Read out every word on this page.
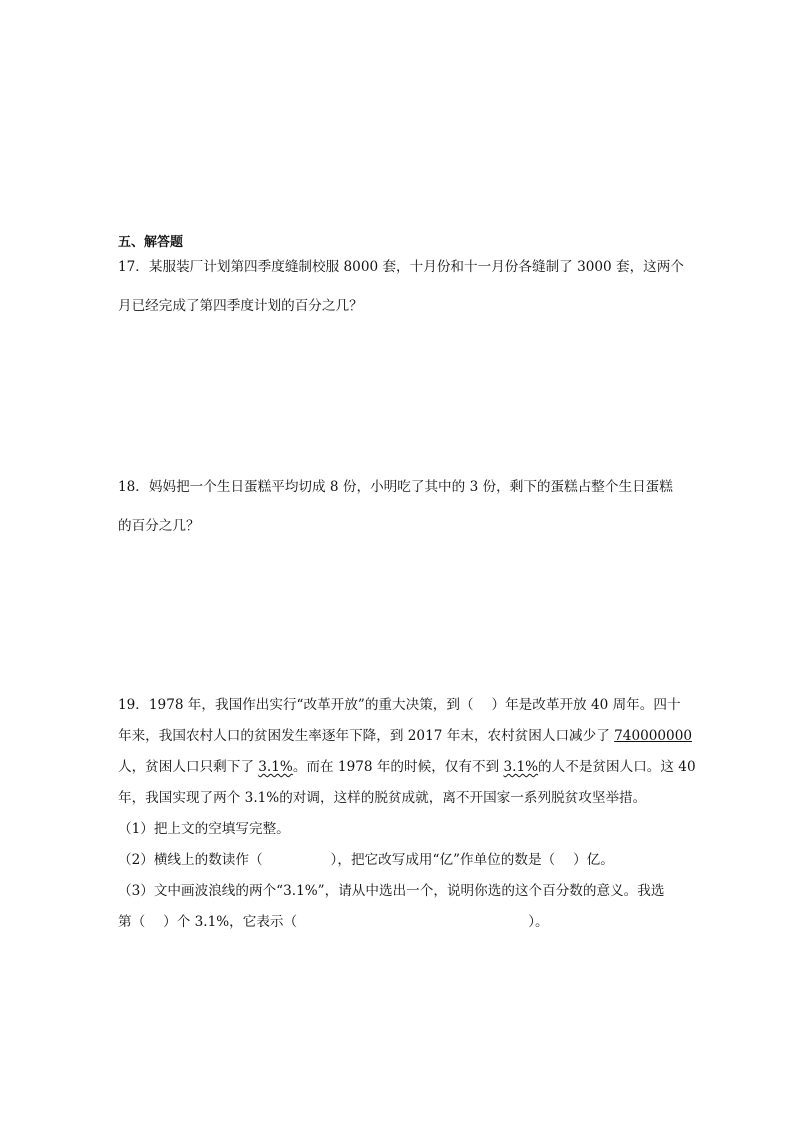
五、解答题
17．某服装厂计划第四季度缝制校服 8000 套，十月份和十一月份各缝制了 3000 套，这两个
月已经完成了第四季度计划的百分之几？
18．妈妈把一个生日蛋糕平均切成 8 份，小明吃了其中的 3 份，剩下的蛋糕占整个生日蛋糕
的百分之几？
19．1978 年，我国作出实行“改革开放”的重大决策，到（　 ）年是改革开放 40 周年。四十
年来，我国农村人口的贫困发生率逐年下降，到 2017 年末，农村贫困人口减少了 740000000
人，贫困人口只剩下了 3.1%。而在 1978 年的时候，仅有不到 3.1%的人不是贫困人口。这 40
年，我国实现了两个 3.1%的对调，这样的脱贫成就，离不开国家一系列脱贫攻坚举措。
（1）把上文的空填写完整。
（2）横线上的数读作（　　　　　），把它改写成用“亿”作单位的数是（　 ）亿。
（3）文中画波浪线的两个“3.1%”，请从中选出一个，说明你选的这个百分数的意义。我选
第（　 ）个 3.1%，它表示（　　　　　　　　　　　　　　　　　）。
